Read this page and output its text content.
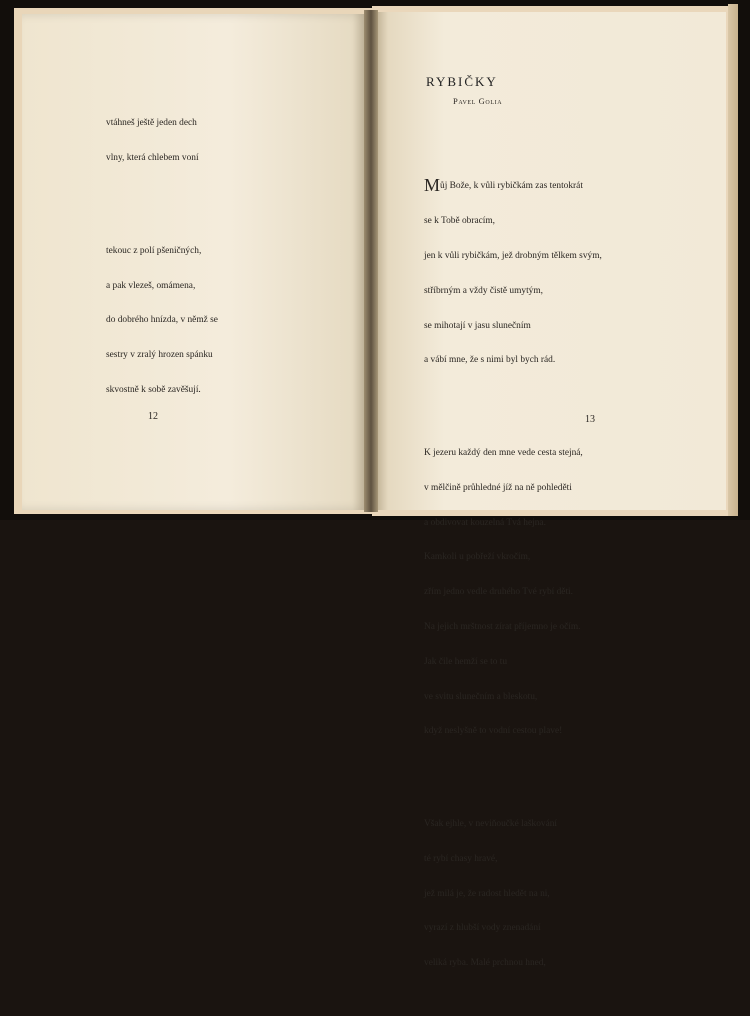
vtáhneš ještě jeden dech

vlny, která chlebem voní

tekouc z polí pšeničných,

a pak vlezeš, omámena,

do dobrého hnízda, v němž se

sestry v zralý hrozen spánku

skvostně k sobě zavěšují.

12
RYBIČKY
Pavel Golia

Můj Bože, k vůli rybičkám zas tentokrát

se k Tobě obracím,

jen k vůli rybičkám, jež drobným tělkem svým,

stříbrným a vždy čistě umytým,

se mihotají v jasu slunečním

a vábí mne, že s nimi byl bych rád.

K jezeru každý den mne vede cesta stejná,

v mělčině průhledné jíž na ně pohleděti

a obdivovat kouzelná Tvá hejna.

Kamkoli u pobřeží vkročím,

zřím jedno vedle druhého Tvé rybí děti.

Na jejich mrštnost zírat příjemno je očím.

Jak čile hemží se to tu

ve svitu slunečním a bleskotu,

když neslyšně to vodní cestou plave!

Však ejhle, v neviňoučké laškování

té rybí chasy hravé,

jež milá je, že radost hledět na ni,

vyrazí z hlubší vody znenadání

veliká ryba. Malé prchnou hned,

13
